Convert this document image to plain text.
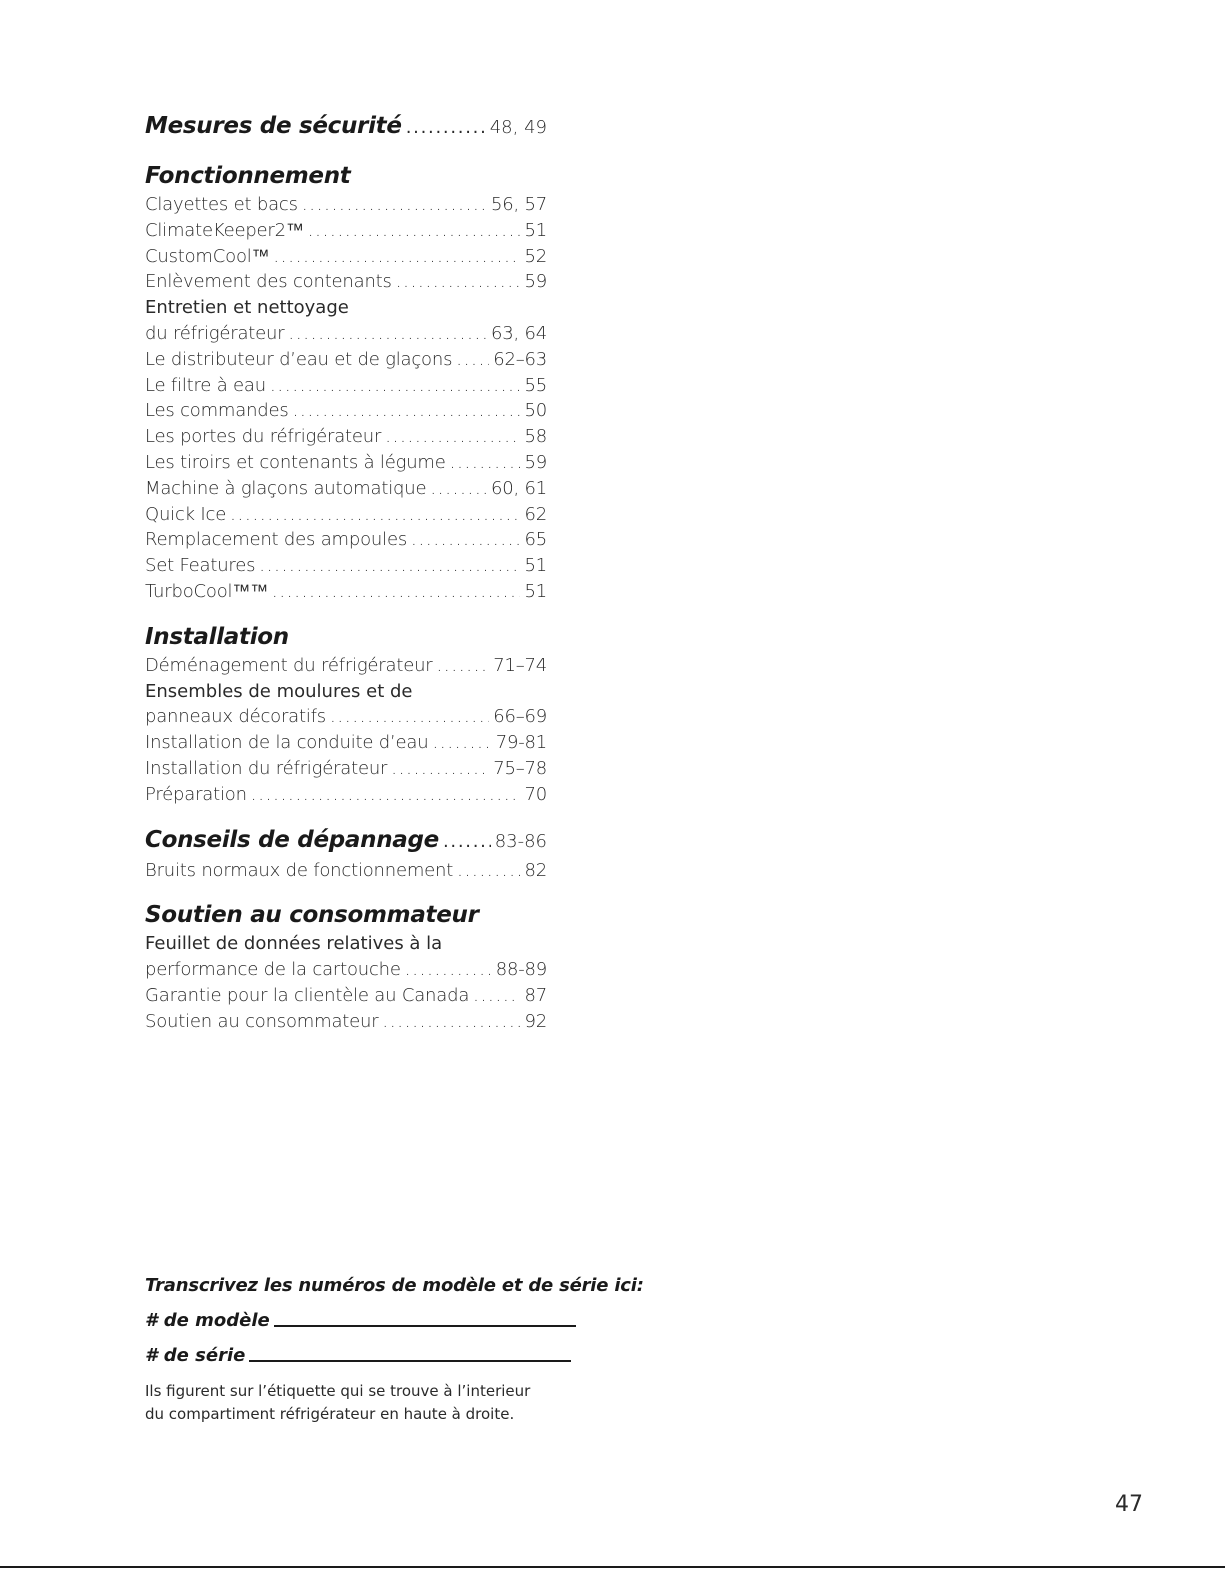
Mesures de sécurité . . .	48, 49
Fonctionnement
Clayettes et bacs . . .	56, 57
ClimateKeeper2™ . . .	51
CustomCool™ . . .	52
Enlèvement des contenants . . .	59
Entretien et nettoyage
du réfrigérateur . . .	63, 64
Le distributeur d’eau et de glaçons . . . 62–63
Le filtre à eau . . .	55
Les commandes . . .	50
Les portes du réfrigérateur . . .	58
Les tiroirs et contenants à légume . . .	59
Machine à glaçons automatique . . .	60, 61
Quick Ice . . .	62
Remplacement des ampoules . . .	65
Set Features . . .	51
TurboCool™™ . . .	51
Installation
Déménagement du réfrigérateur . . .	71–74
Ensembles de moulures et de
panneaux décoratifs . . .	66–69
Installation de la conduite d’eau . . .	79-81
Installation du réfrigérateur . . .	75–78
Préparation . . .	70
Conseils de dépannage . . .	83-86
Bruits normaux de fonctionnement . . .	82
Soutien au consommateur
Feuillet de données relatives à la
performance de la cartouche . . .	88-89
Garantie pour la clientèle au Canada . . .	87
Soutien au consommateur . . .	92
Transcrivez les numéros de modèle et de série ici:
# de modèle
# de série
Ils figurent sur l’étiquette qui se trouve à l’interieur
du compartiment réfrigérateur en haute à droite.
47
